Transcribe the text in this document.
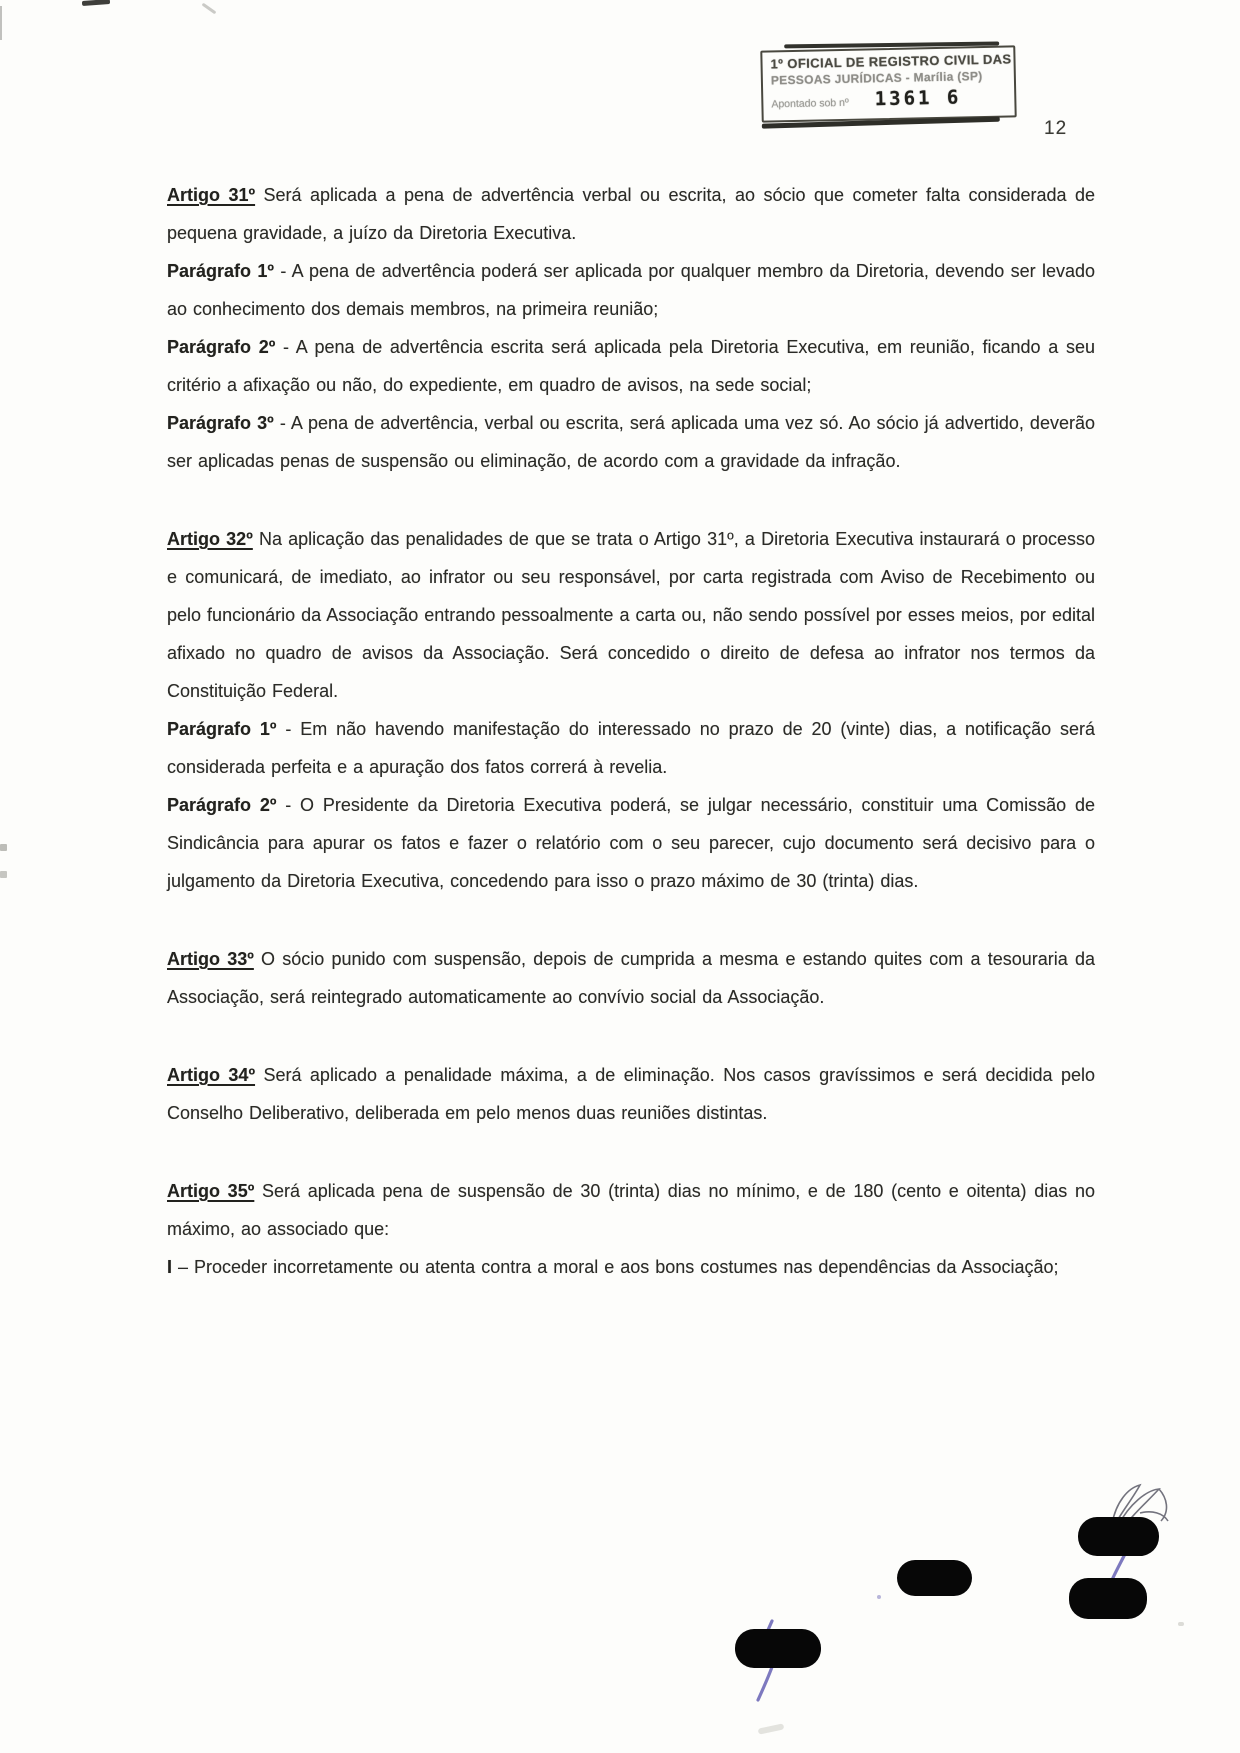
1º OFICIAL DE REGISTRO CIVIL DAS
PESSOAS JURÍDICAS - Marília (SP)
Apontado sob nº 1361 6
12

Artigo 31º Será aplicada a pena de advertência verbal ou escrita, ao sócio que cometer falta considerada de pequena gravidade, a juízo da Diretoria Executiva.

Parágrafo 1º - A pena de advertência poderá ser aplicada por qualquer membro da Diretoria, devendo ser levado ao conhecimento dos demais membros, na primeira reunião;

Parágrafo 2º - A pena de advertência escrita será aplicada pela Diretoria Executiva, em reunião, ficando a seu critério a afixação ou não, do expediente, em quadro de avisos, na sede social;

Parágrafo 3º - A pena de advertência, verbal ou escrita, será aplicada uma vez só. Ao sócio já advertido, deverão ser aplicadas penas de suspensão ou eliminação, de acordo com a gravidade da infração.

Artigo 32º Na aplicação das penalidades de que se trata o Artigo 31º, a Diretoria Executiva instaurará o processo e comunicará, de imediato, ao infrator ou seu responsável, por carta registrada com Aviso de Recebimento ou pelo funcionário da Associação entrando pessoalmente a carta ou, não sendo possível por esses meios, por edital afixado no quadro de avisos da Associação. Será concedido o direito de defesa ao infrator nos termos da Constituição Federal.

Parágrafo 1º - Em não havendo manifestação do interessado no prazo de 20 (vinte) dias, a notificação será considerada perfeita e a apuração dos fatos correrá à revelia.

Parágrafo 2º - O Presidente da Diretoria Executiva poderá, se julgar necessário, constituir uma Comissão de Sindicância para apurar os fatos e fazer o relatório com o seu parecer, cujo documento será decisivo para o julgamento da Diretoria Executiva, concedendo para isso o prazo máximo de 30 (trinta) dias.

Artigo 33º O sócio punido com suspensão, depois de cumprida a mesma e estando quites com a tesouraria da Associação, será reintegrado automaticamente ao convívio social da Associação.

Artigo 34º Será aplicado a penalidade máxima, a de eliminação. Nos casos gravíssimos e será decidida pelo Conselho Deliberativo, deliberada em pelo menos duas reuniões distintas.

Artigo 35º Será aplicada pena de suspensão de 30 (trinta) dias no mínimo, e de 180 (cento e oitenta) dias no máximo, ao associado que:

I – Proceder incorretamente ou atenta contra a moral e aos bons costumes nas dependências da Associação;
